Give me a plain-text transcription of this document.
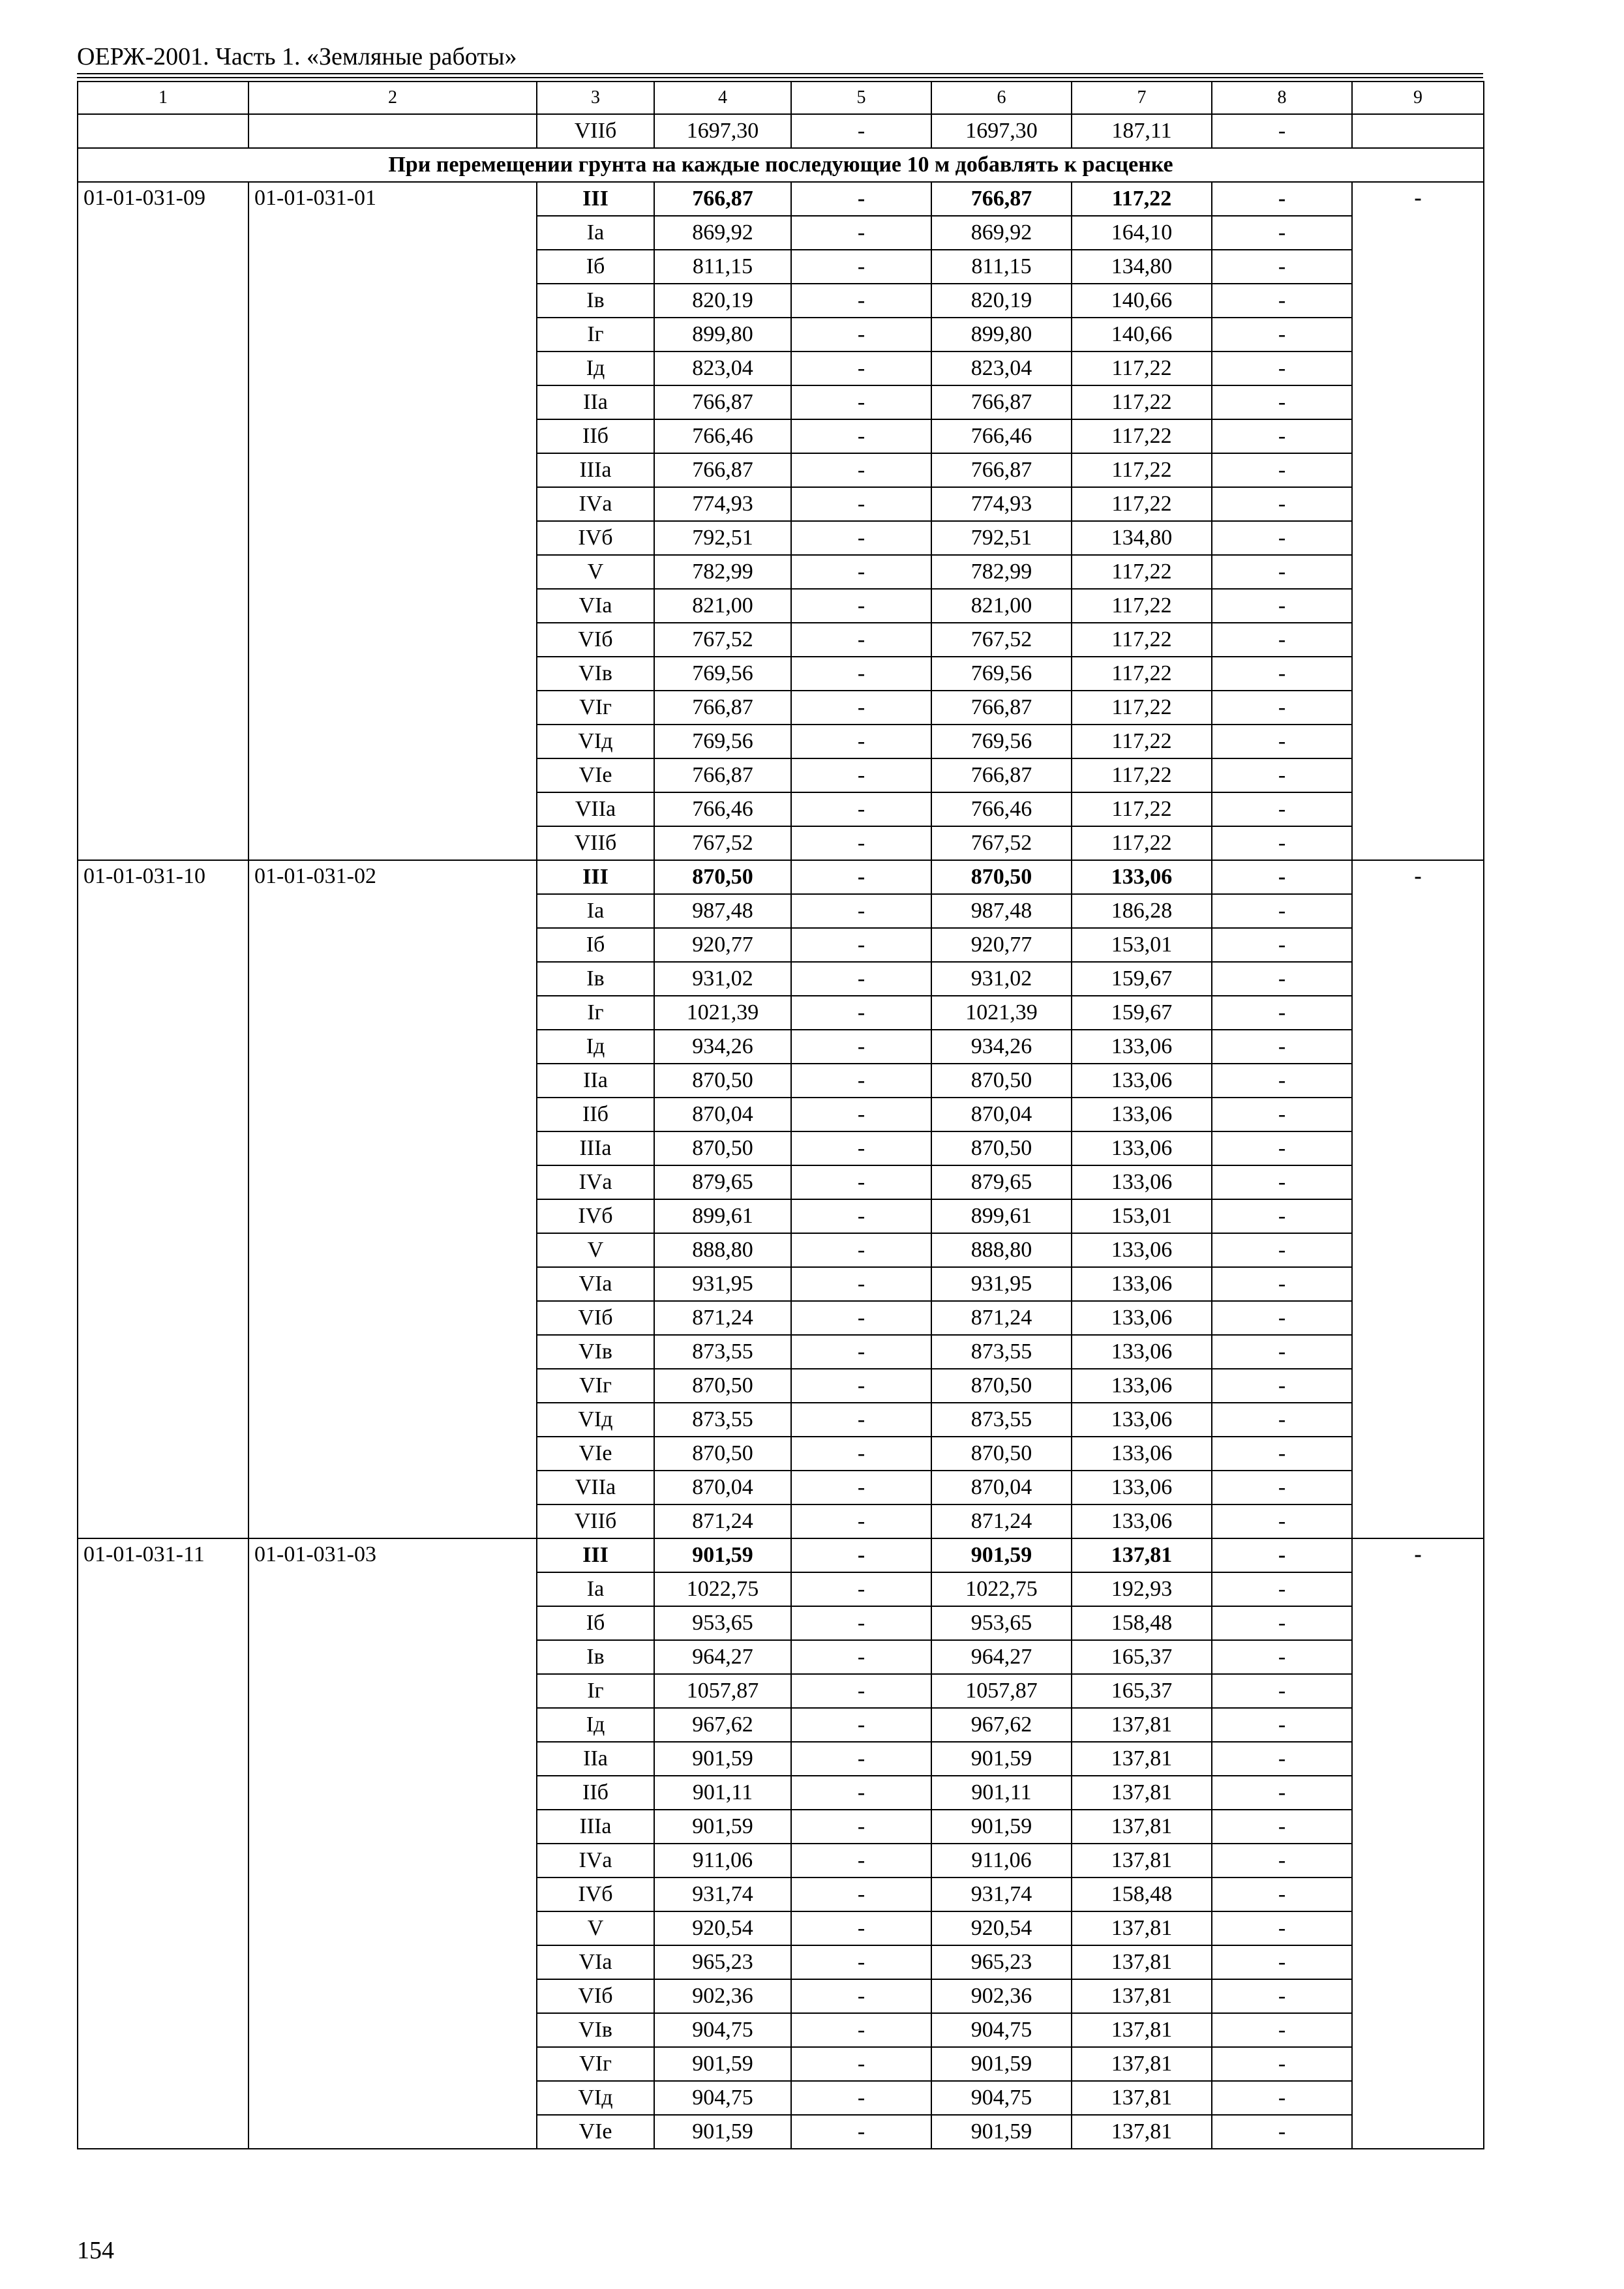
ОЕРЖ-2001. Часть 1. «Земляные работы»
1	2	3	4	5	6	7	8	9
		VIIб	1697,30	-	1697,30	187,11	-	
При перемещении грунта на каждые последующие 10 м добавлять к расценке								
01-01-031-09	01-01-031-01	III	766,87	-	766,87	117,22	-	-
		Iа	869,92	-	869,92	164,10	-	
		Iб	811,15	-	811,15	134,80	-	
		Iв	820,19	-	820,19	140,66	-	
		Iг	899,80	-	899,80	140,66	-	
		Iд	823,04	-	823,04	117,22	-	
		IIа	766,87	-	766,87	117,22	-	
		IIб	766,46	-	766,46	117,22	-	
		IIIа	766,87	-	766,87	117,22	-	
		IVа	774,93	-	774,93	117,22	-	
		IVб	792,51	-	792,51	134,80	-	
		V	782,99	-	782,99	117,22	-	
		VIа	821,00	-	821,00	117,22	-	
		VIб	767,52	-	767,52	117,22	-	
		VIв	769,56	-	769,56	117,22	-	
		VIг	766,87	-	766,87	117,22	-	
		VIд	769,56	-	769,56	117,22	-	
		VIе	766,87	-	766,87	117,22	-	
		VIIа	766,46	-	766,46	117,22	-	
		VIIб	767,52	-	767,52	117,22	-	
01-01-031-10	01-01-031-02	III	870,50	-	870,50	133,06	-	-
		Iа	987,48	-	987,48	186,28	-	
		Iб	920,77	-	920,77	153,01	-	
		Iв	931,02	-	931,02	159,67	-	
		Iг	1021,39	-	1021,39	159,67	-	
		Iд	934,26	-	934,26	133,06	-	
		IIа	870,50	-	870,50	133,06	-	
		IIб	870,04	-	870,04	133,06	-	
		IIIа	870,50	-	870,50	133,06	-	
		IVа	879,65	-	879,65	133,06	-	
		IVб	899,61	-	899,61	153,01	-	
		V	888,80	-	888,80	133,06	-	
		VIа	931,95	-	931,95	133,06	-	
		VIб	871,24	-	871,24	133,06	-	
		VIв	873,55	-	873,55	133,06	-	
		VIг	870,50	-	870,50	133,06	-	
		VIд	873,55	-	873,55	133,06	-	
		VIе	870,50	-	870,50	133,06	-	
		VIIа	870,04	-	870,04	133,06	-	
		VIIб	871,24	-	871,24	133,06	-	
01-01-031-11	01-01-031-03	III	901,59	-	901,59	137,81	-	-
		Iа	1022,75	-	1022,75	192,93	-	
		Iб	953,65	-	953,65	158,48	-	
		Iв	964,27	-	964,27	165,37	-	
		Iг	1057,87	-	1057,87	165,37	-	
		Iд	967,62	-	967,62	137,81	-	
		IIа	901,59	-	901,59	137,81	-	
		IIб	901,11	-	901,11	137,81	-	
		IIIа	901,59	-	901,59	137,81	-	
		IVа	911,06	-	911,06	137,81	-	
		IVб	931,74	-	931,74	158,48	-	
		V	920,54	-	920,54	137,81	-	
		VIа	965,23	-	965,23	137,81	-	
		VIб	902,36	-	902,36	137,81	-	
		VIв	904,75	-	904,75	137,81	-	
		VIг	901,59	-	901,59	137,81	-	
		VIд	904,75	-	904,75	137,81	-	
		VIе	901,59	-	901,59	137,81	-	
154
